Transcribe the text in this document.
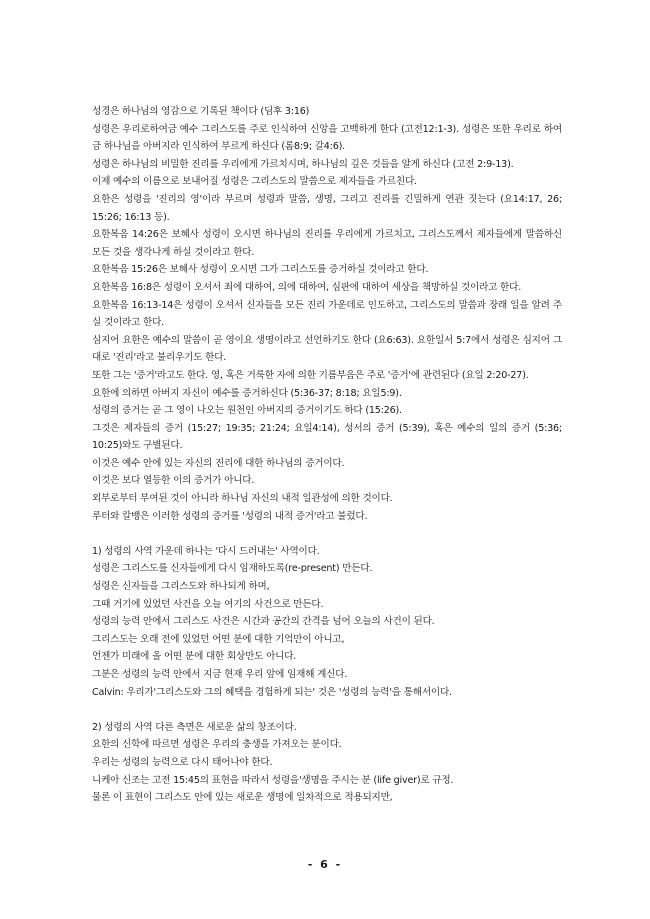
성경은 하나님의 영감으로 기록된 책이다 (딤후 3:16)

성령은 우리로하여금 예수 그리스도를 주로 인식하여 신앙을 고백하게 한다 (고전12:1-3). 성령은 또한 우리로 하여금 하나님을 아버지라 인식하여 부르게 하신다 (롬8:9; 갈4:6).

성령은 하나님의 비밀한 진리를 우리에게 가르치시며, 하나님의 깊은 것들을 알게 하신다 (고전 2:9-13).

이제 예수의 이름으로 보내어질 성령은 그리스도의 말씀으로 제자들을 가르친다.

요한은 성령을 '진리의 영'이라 부르며 성령과 말씀, 생명, 그리고 진리를 긴밀하게 연관 짓는다 (요14:17, 26; 15:26; 16:13 등).

요한복음 14:26은 보혜사 성령이 오시면 하나님의 진리를 우리에게 가르치고, 그리스도께서 제자들에게 말씀하신 모든 것을 생각나게 하실 것이라고 한다.

요한복음 15:26은 보혜사 성령이 오시면 그가 그리스도를 증거하실 것이라고 한다.

요한복음 16:8은 성령이 오셔서 죄에 대하여, 의에 대하여, 심판에 대하여 세상을 책망하실 것이라고 한다.

요한복음 16:13-14은 성령이 오셔서 신자들을 모든 진리 가운데로 인도하고, 그리스도의 말씀과 장래 일을 알려 주실 것이라고 한다.

심지어 요한은 예수의 말씀이 곧 영이요 생명이라고 선언하기도 한다 (요6:63). 요한일서 5:7에서 성령은 심지어 그대로 '진리'라고 불리우기도 한다.

또한 그는 '증거'라고도 한다. 영, 혹은 거룩한 자에 의한 기름부음은 주로 '증거'에 관련된다 (요일 2:20-27).

요한에 의하면 아버지 자신이 예수를 증거하신다 (5:36-37; 8:18; 요일5:9).

성령의 증거는 곧 그 영이 나오는 원천인 아버지의 증거이기도 하다 (15:26).

그것은 제자들의 증거 (15:27; 19:35; 21:24; 요일4:14), 성서의 증거 (5:39), 혹은 예수의 일의 증거 (5:36; 10:25)와도 구별된다.

이것은 예수 안에 있는 자신의 진리에 대한 하나님의 증거이다.

이것은 보다 열등한 이의 증거가 아니다.

외부로부터 부여된 것이 아니라 하나님 자신의 내적 일관성에 의한 것이다.

루터와 칼뱅은 이러한 성령의 증거를 '성령의 내적 증거'라고 불렀다.

1) 성령의 사역 가운데 하나는 '다시 드러내는' 사역이다.

성령은 그리스도를 신자들에게 다시 임재하도록(re-present) 만든다.

성령은 신자들을 그리스도와 하나되게 하며,

그때 거기에 있었던 사건을 오늘 여기의 사건으로 만든다.

성령의 능력 안에서 그리스도 사건은 시간과 공간의 간격을 넘어 오늘의 사건이 된다.

그리스도는 오래 전에 있었던 어떤 분에 대한 기억만이 아니고,

언젠가 미래에 올 어떤 분에 대한 회상만도 아니다.

그분은 성령의 능력 안에서 지금 현재 우리 앞에 임재해 계신다.

Calvin: 우리가'그리스도와 그의 혜택을 경험하게 되는' 것은 '성령의 능력'을 통해서이다.

2) 성령의 사역 다른 측면은 새로운 삶의 창조이다.

요한의 신학에 따르면 성령은 우리의 충생을 가져오는 분이다.

우리는 성령의 능력으로 다시 태어나야 한다.

니케아 신조는 고전 15:45의 표현을 따라서 성령을'생명을 주시는 분 (life giver)로 규정.

물론 이 표현이 그리스도 안에 있는 새로운 생명에 일차적으로 적용되지만,

- 6 -
